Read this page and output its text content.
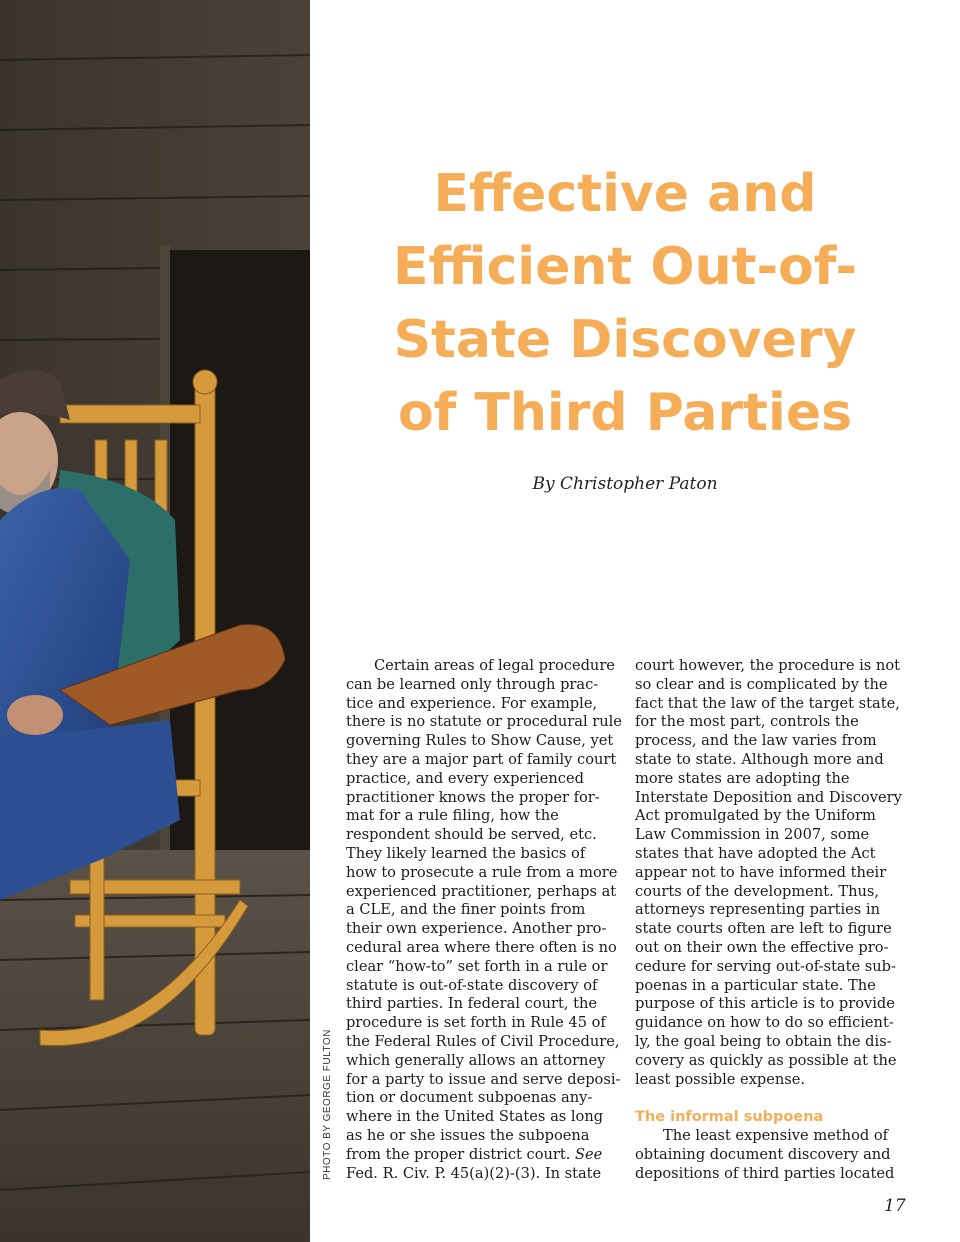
PHOTO BY GEORGE FULTON
Effective and
Efficient Out-of-
State Discovery
of Third Parties
By Christopher Paton

Certain areas of legal procedure
can be learned only through prac-
tice and experience. For example,
there is no statute or procedural rule
governing Rules to Show Cause, yet
they are a major part of family court
practice, and every experienced
practitioner knows the proper for-
mat for a rule filing, how the
respondent should be served, etc.
They likely learned the basics of
how to prosecute a rule from a more
experienced practitioner, perhaps at
a CLE, and the finer points from
their own experience. Another pro-
cedural area where there often is no
clear “how-to” set forth in a rule or
statute is out-of-state discovery of
third parties. In federal court, the
procedure is set forth in Rule 45 of
the Federal Rules of Civil Procedure,
which generally allows an attorney
for a party to issue and serve deposi-
tion or document subpoenas any-
where in the United States as long
as he or she issues the subpoena
from the proper district court. See
Fed. R. Civ. P. 45(a)(2)-(3). In state

court however, the procedure is not
so clear and is complicated by the
fact that the law of the target state,
for the most part, controls the
process, and the law varies from
state to state. Although more and
more states are adopting the
Interstate Deposition and Discovery
Act promulgated by the Uniform
Law Commission in 2007, some
states that have adopted the Act
appear not to have informed their
courts of the development. Thus,
attorneys representing parties in
state courts often are left to figure
out on their own the effective pro-
cedure for serving out-of-state sub-
poenas in a particular state. The
purpose of this article is to provide
guidance on how to do so efficient-
ly, the goal being to obtain the dis-
covery as quickly as possible at the
least possible expense.

The informal subpoena

The least expensive method of
obtaining document discovery and
depositions of third parties located

17
